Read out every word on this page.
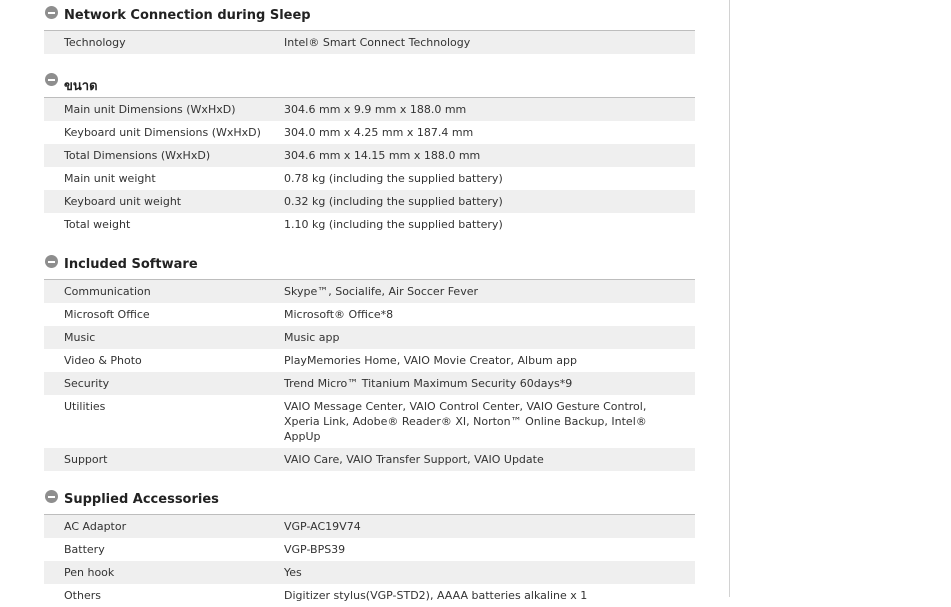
Network Connection during Sleep
Technology	Intel® Smart Connect Technology
ขนาด
Main unit Dimensions (WxHxD)	304.6 mm x 9.9 mm x 188.0 mm
Keyboard unit Dimensions (WxHxD)	304.0 mm x 4.25 mm x 187.4 mm
Total Dimensions (WxHxD)	304.6 mm x 14.15 mm x 188.0 mm
Main unit weight	0.78 kg (including the supplied battery)
Keyboard unit weight	0.32 kg (including the supplied battery)
Total weight	1.10 kg (including the supplied battery)
Included Software
Communication	Skype™, Socialife, Air Soccer Fever
Microsoft Office	Microsoft® Office*8
Music	Music app
Video & Photo	PlayMemories Home, VAIO Movie Creator, Album app
Security	Trend Micro™ Titanium Maximum Security 60days*9
Utilities	VAIO Message Center, VAIO Control Center, VAIO Gesture Control, Xperia Link, Adobe® Reader® XI, Norton™ Online Backup, Intel® AppUp
Support	VAIO Care, VAIO Transfer Support, VAIO Update
Supplied Accessories
AC Adaptor	VGP-AC19V74
Battery	VGP-BPS39
Pen hook	Yes
Others	Digitizer stylus(VGP-STD2), AAAA batteries alkaline x 1
